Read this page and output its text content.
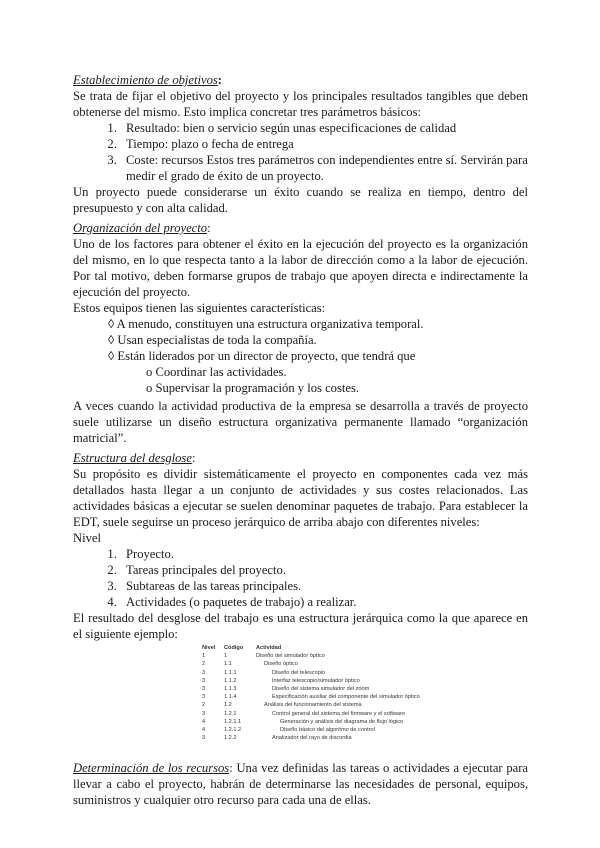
Establecimiento de objetivos:
Se trata de fijar el objetivo del proyecto y los principales resultados tangibles que deben obtenerse del mismo. Esto implica concretar tres parámetros básicos:
1. Resultado: bien o servicio según unas especificaciones de calidad
2. Tiempo: plazo o fecha de entrega
3. Coste: recursos Estos tres parámetros con independientes entre sí. Servirán para medir el grado de éxito de un proyecto.
Un proyecto puede considerarse un éxito cuando se realiza en tiempo, dentro del presupuesto y con alta calidad.
Organización del proyecto:
Uno de los factores para obtener el éxito en la ejecución del proyecto es la organización del mismo, en lo que respecta tanto a la labor de dirección como a la labor de ejecución. Por tal motivo, deben formarse grupos de trabajo que apoyen directa e indirectamente la ejecución del proyecto.
Estos equipos tienen las siguientes características:
◊ A menudo, constituyen una estructura organizativa temporal.
◊ Usan especialistas de toda la compañía.
◊ Están liderados por un director de proyecto, que tendrá que
ο Coordinar las actividades.
ο Supervisar la programación y los costes.
A veces cuando la actividad productiva de la empresa se desarrolla a través de proyecto suele utilizarse un diseño estructura organizativa permanente llamado “organización matricial”.
Estructura del desglose:
Su propósito es dividir sistemáticamente el proyecto en componentes cada vez más detallados hasta llegar a un conjunto de actividades y sus costes relacionados. Las actividades básicas a ejecutar se suelen denominar paquetes de trabajo. Para establecer la EDT, suele seguirse un proceso jerárquico de arriba abajo con diferentes niveles:
Nivel
1. Proyecto.
2. Tareas principales del proyecto.
3. Subtareas de las tareas principales.
4. Actividades (o paquetes de trabajo) a realizar.
El resultado del desglose del trabajo es una estructura jerárquica como la que aparece en el siguiente ejemplo:
Nivel	Código	Actividad
1	1	Diseño del simulador óptico
2	1.1	Diseño óptico
3	1.1.1	Diseño del telescopio
3	1.1.2	Interfaz telescopio/simulador óptico
3	1.1.3	Diseño del sistema simulador del zoom
3	1.1.4	Especificación auxiliar del componente del simulador óptico
2	1.2	Análisis del funcionamiento del sistema
3	1.2.1	Control general del sistema del firmware y el software
4	1.2.1.1	Generación y análisis del diagrama de flujo lógico
4	1.2.1.2	Diseño básico del algoritmo de control
3	1.2.2	Analizador del rayo de discordia
Determinación de los recursos: Una vez definidas las tareas o actividades a ejecutar para llevar a cabo el proyecto, habrán de determinarse las necesidades de personal, equipos, suministros y cualquier otro recurso para cada una de ellas.
